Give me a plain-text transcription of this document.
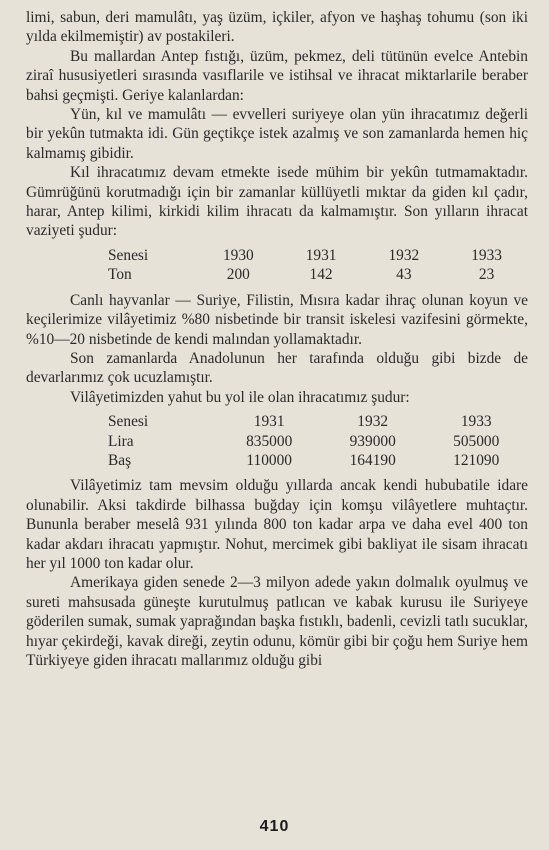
limi, sabun, deri mamulâtı, yaş üzüm, içkiler, afyon ve haşhaş tohumu (son iki yılda ekilmemiştir) av postakileri.

Bu mallardan Antep fıstığı, üzüm, pekmez, deli tütünün evelce Antebin ziraî hususiyetleri sırasında vasıflarile ve istihsal ve ihracat miktarlarile beraber bahsi geçmişti. Geriye kalanlardan:

Yün, kıl ve mamulâtı — evvelleri suriyeye olan yün ihracatımız değerli bir yekûn tutmakta idi. Gün geçtikçe istek azalmış ve son zamanlarda hemen hiç kalmamış gibidir.

Kıl ihracatımız devam etmekte isede mühim bir yekûn tutmamaktadır. Gümrüğünü korutmadığı için bir zamanlar küllüyetli mıktar da giden kıl çadır, harar, Antep kilimi, kirkidi kilim ihracatı da kalmamıştır. Son yılların ihracat vaziyeti şudur:

Senesi	1930	1931	1932	1933
Ton	200	142	43	23

Canlı hayvanlar — Suriye, Filistin, Mısıra kadar ihraç olunan koyun ve keçilerimize vilâyetimiz %80 nisbetinde bir transit iskelesi vazifesini görmekte, %10—20 nisbetinde de kendi malından yollamaktadır.

Son zamanlarda Anadolunun her tarafında olduğu gibi bizde de devarlarımız çok ucuzlamıştır.

Vilâyetimizden yahut bu yol ile olan ihracatımız şudur:

Senesi	1931	1932	1933
Lira	835000	939000	505000
Baş	110000	164190	121090

Vilâyetimiz tam mevsim olduğu yıllarda ancak kendi hububatile idare olunabilir. Aksi takdirde bilhassa buğday için komşu vilâyetlere muhtaçtır. Bununla beraber meselâ 931 yılında 800 ton kadar arpa ve daha evel 400 ton kadar akdarı ihracatı yapmıştır. Nohut, mercimek gibi bakliyat ile sisam ihracatı her yıl 1000 ton kadar olur.

Amerikaya giden senede 2—3 milyon adede yakın dolmalık oyulmuş ve sureti mahsusada güneşte kurutulmuş patlıcan ve kabak kurusu ile Suriyeye göderilen sumak, sumak yaprağından başka fıstıklı, badenli, cevizli tatlı sucuklar, hıyar çekirdeği, kavak direği, zeytin odunu, kömür gibi bir çoğu hem Suriye hem Türkiyeye giden ihracatı mallarımız olduğu gibi

410
